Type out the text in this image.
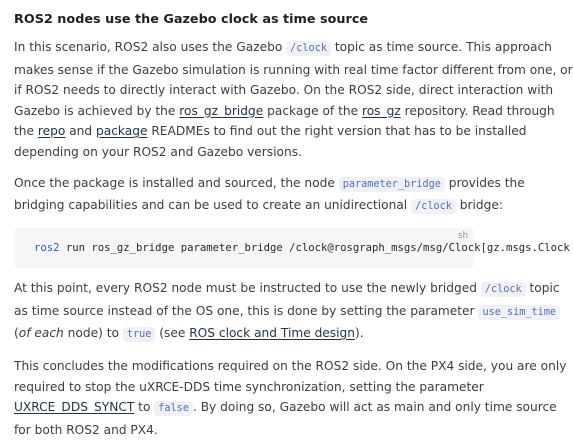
ROS2 nodes use the Gazebo clock as time source

In this scenario, ROS2 also uses the Gazebo /clock topic as time source. This approach

makes sense if the Gazebo simulation is running with real time factor different from one, or

if ROS2 needs to directly interact with Gazebo. On the ROS2 side, direct interaction with

Gazebo is achieved by the ros_gz_bridge package of the ros_gz repository. Read through

the repo and package READMEs to find out the right version that has to be installed

depending on your ROS2 and Gazebo versions.

Once the package is installed and sourced, the node parameter_bridge provides the

bridging capabilities and can be used to create an unidirectional /clock bridge:

sh
ros2 run ros_gz_bridge parameter_bridge /clock@rosgraph_msgs/msg/Clock[gz.msgs.Clock

At this point, every ROS2 node must be instructed to use the newly bridged /clock topic

as time source instead of the OS one, this is done by setting the parameter use_sim_time

(of each node) to true (see ROS clock and Time design).

This concludes the modifications required on the ROS2 side. On the PX4 side, you are only

required to stop the uXRCE-DDS time synchronization, setting the parameter

UXRCE_DDS_SYNCT to false . By doing so, Gazebo will act as main and only time source

for both ROS2 and PX4.
